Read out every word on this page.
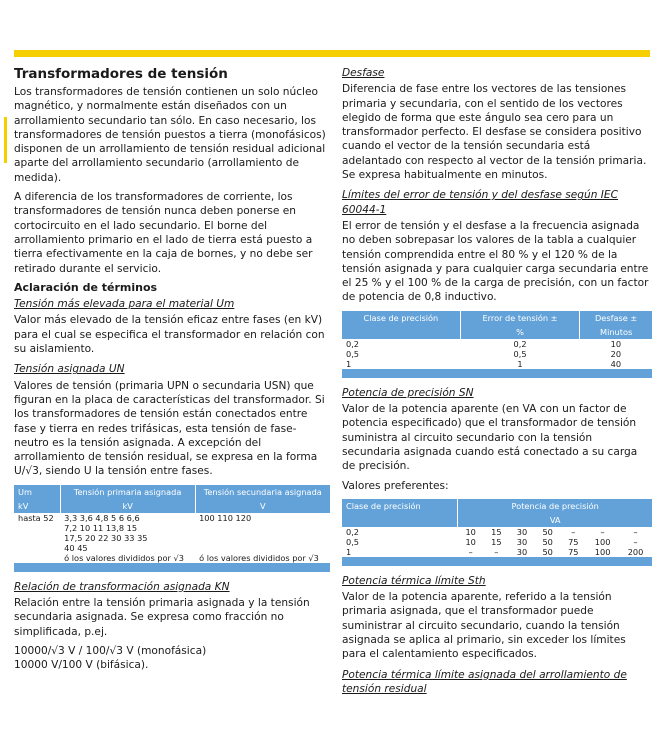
Transformadores de tensión

Los transformadores de tensión contienen un solo núcleo magnético, y normalmente están diseñados con un arrollamiento secundario tan sólo. En caso necesario, los transformadores de tensión puestos a tierra (monofásicos) disponen de un arrollamiento de tensión residual adicional aparte del arrollamiento secundario (arrollamiento de medida).

A diferencia de los transformadores de corriente, los transformadores de tensión nunca deben ponerse en cortocircuito en el lado secundario. El borne del arrollamiento primario en el lado de tierra está puesto a tierra efectivamente en la caja de bornes, y no debe ser retirado durante el servicio.

Aclaración de términos
Tensión más elevada para el material Um

Valor más elevado de la tensión eficaz entre fases (en kV) para el cual se especifica el transformador en relación con su aislamiento.

Tensión asignada UN

Valores de tensión (primaria UPN o secundaria USN) que figuran en la placa de características del transformador. Si los transformadores de tensión están conectados entre fase y tierra en redes trifásicas, esta tensión de fase-neutro es la tensión asignada. A excepción del arrollamiento de tensión residual, se expresa en la forma U/√3, siendo U la tensión entre fases.

Um	Tensión primaria asignada	Tensión secundaria asignada
kV	kV	V
hasta 52	3,3 3,6 4,8 5 6 6,6
7,2 10 11 13,8 15
17,5 20 22 30 33 35
40 45	100 110 120
	ó los valores divididos por √3	ó los valores divididos por √3

Relación de transformación asignada KN

Relación entre la tensión primaria asignada y la tensión secundaria asignada. Se expresa como fracción no simplificada, p.ej.

10000/√3 V / 100/√3 V (monofásica)
10000 V/100 V (bifásica).
Desfase

Diferencia de fase entre los vectores de las tensiones primaria y secundaria, con el sentido de los vectores elegido de forma que este ángulo sea cero para un transformador perfecto. El desfase se considera positivo cuando el vector de la tensión secundaria está adelantado con respecto al vector de la tensión primaria. Se expresa habitualmente en minutos.

Límites del error de tensión y del desfase según IEC 60044-1

El error de tensión y el desfase a la frecuencia asignada no deben sobrepasar los valores de la tabla a cualquier tensión comprendida entre el 80 % y el 120 % de la tensión asignada y para cualquier carga secundaria entre el 25 % y el 100 % de la carga de precisión, con un factor de potencia de 0,8 inductivo.

Clase de precisión	Error de tensión ±	Desfase ±
	%	Minutos
0,2	0,2	10
0,5	0,5	20
1	1	40

Potencia de precisión SN

Valor de la potencia aparente (en VA con un factor de potencia especificado) que el transformador de tensión suministra al circuito secundario con la tensión secundaria asignada cuando está conectado a su carga de precisión.

Valores preferentes:

Clase de precisión	Potencia de precisión						
	VA						
0,2	10	15	30	50	–	–	–
0,5	10	15	30	50	75	100	–
1	–	–	30	50	75	100	200

Potencia térmica límite Sth

Valor de la potencia aparente, referido a la tensión primaria asignada, que el transformador puede suministrar al circuito secundario, cuando la tensión asignada se aplica al primario, sin exceder los límites para el calentamiento especificados.

Potencia térmica límite asignada del arrollamiento de tensión residual
